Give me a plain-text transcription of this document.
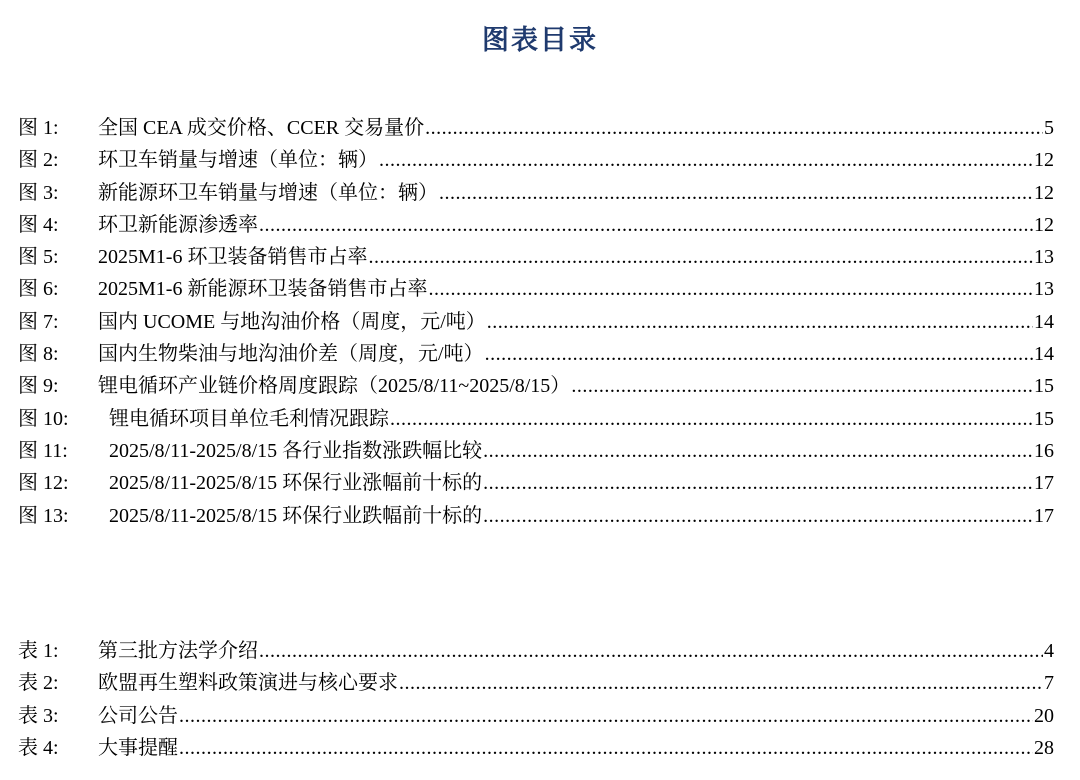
图表目录
图 1:	全国 CEA 成交价格、CCER 交易量价 .....	5
图 2:	环卫车销量与增速（单位：辆） .....	12
图 3:	新能源环卫车销量与增速（单位：辆） .....	12
图 4:	环卫新能源渗透率 .....	12
图 5:	2025M1-6 环卫装备销售市占率 .....	13
图 6:	2025M1-6 新能源环卫装备销售市占率 .....	13
图 7:	国内 UCOME 与地沟油价格（周度，元/吨） .....	14
图 8:	国内生物柴油与地沟油价差（周度，元/吨） .....	14
图 9:	锂电循环产业链价格周度跟踪（2025/8/11~2025/8/15） .....	15
图 10:	锂电循环项目单位毛利情况跟踪 .....	15
图 11:	2025/8/11-2025/8/15 各行业指数涨跌幅比较 .....	16
图 12:	2025/8/11-2025/8/15 环保行业涨幅前十标的 .....	17
图 13:	2025/8/11-2025/8/15 环保行业跌幅前十标的 .....	17
表 1:	第三批方法学介绍 .....	4
表 2:	欧盟再生塑料政策演进与核心要求 .....	7
表 3:	公司公告 .....	20
表 4:	大事提醒 .....	28
